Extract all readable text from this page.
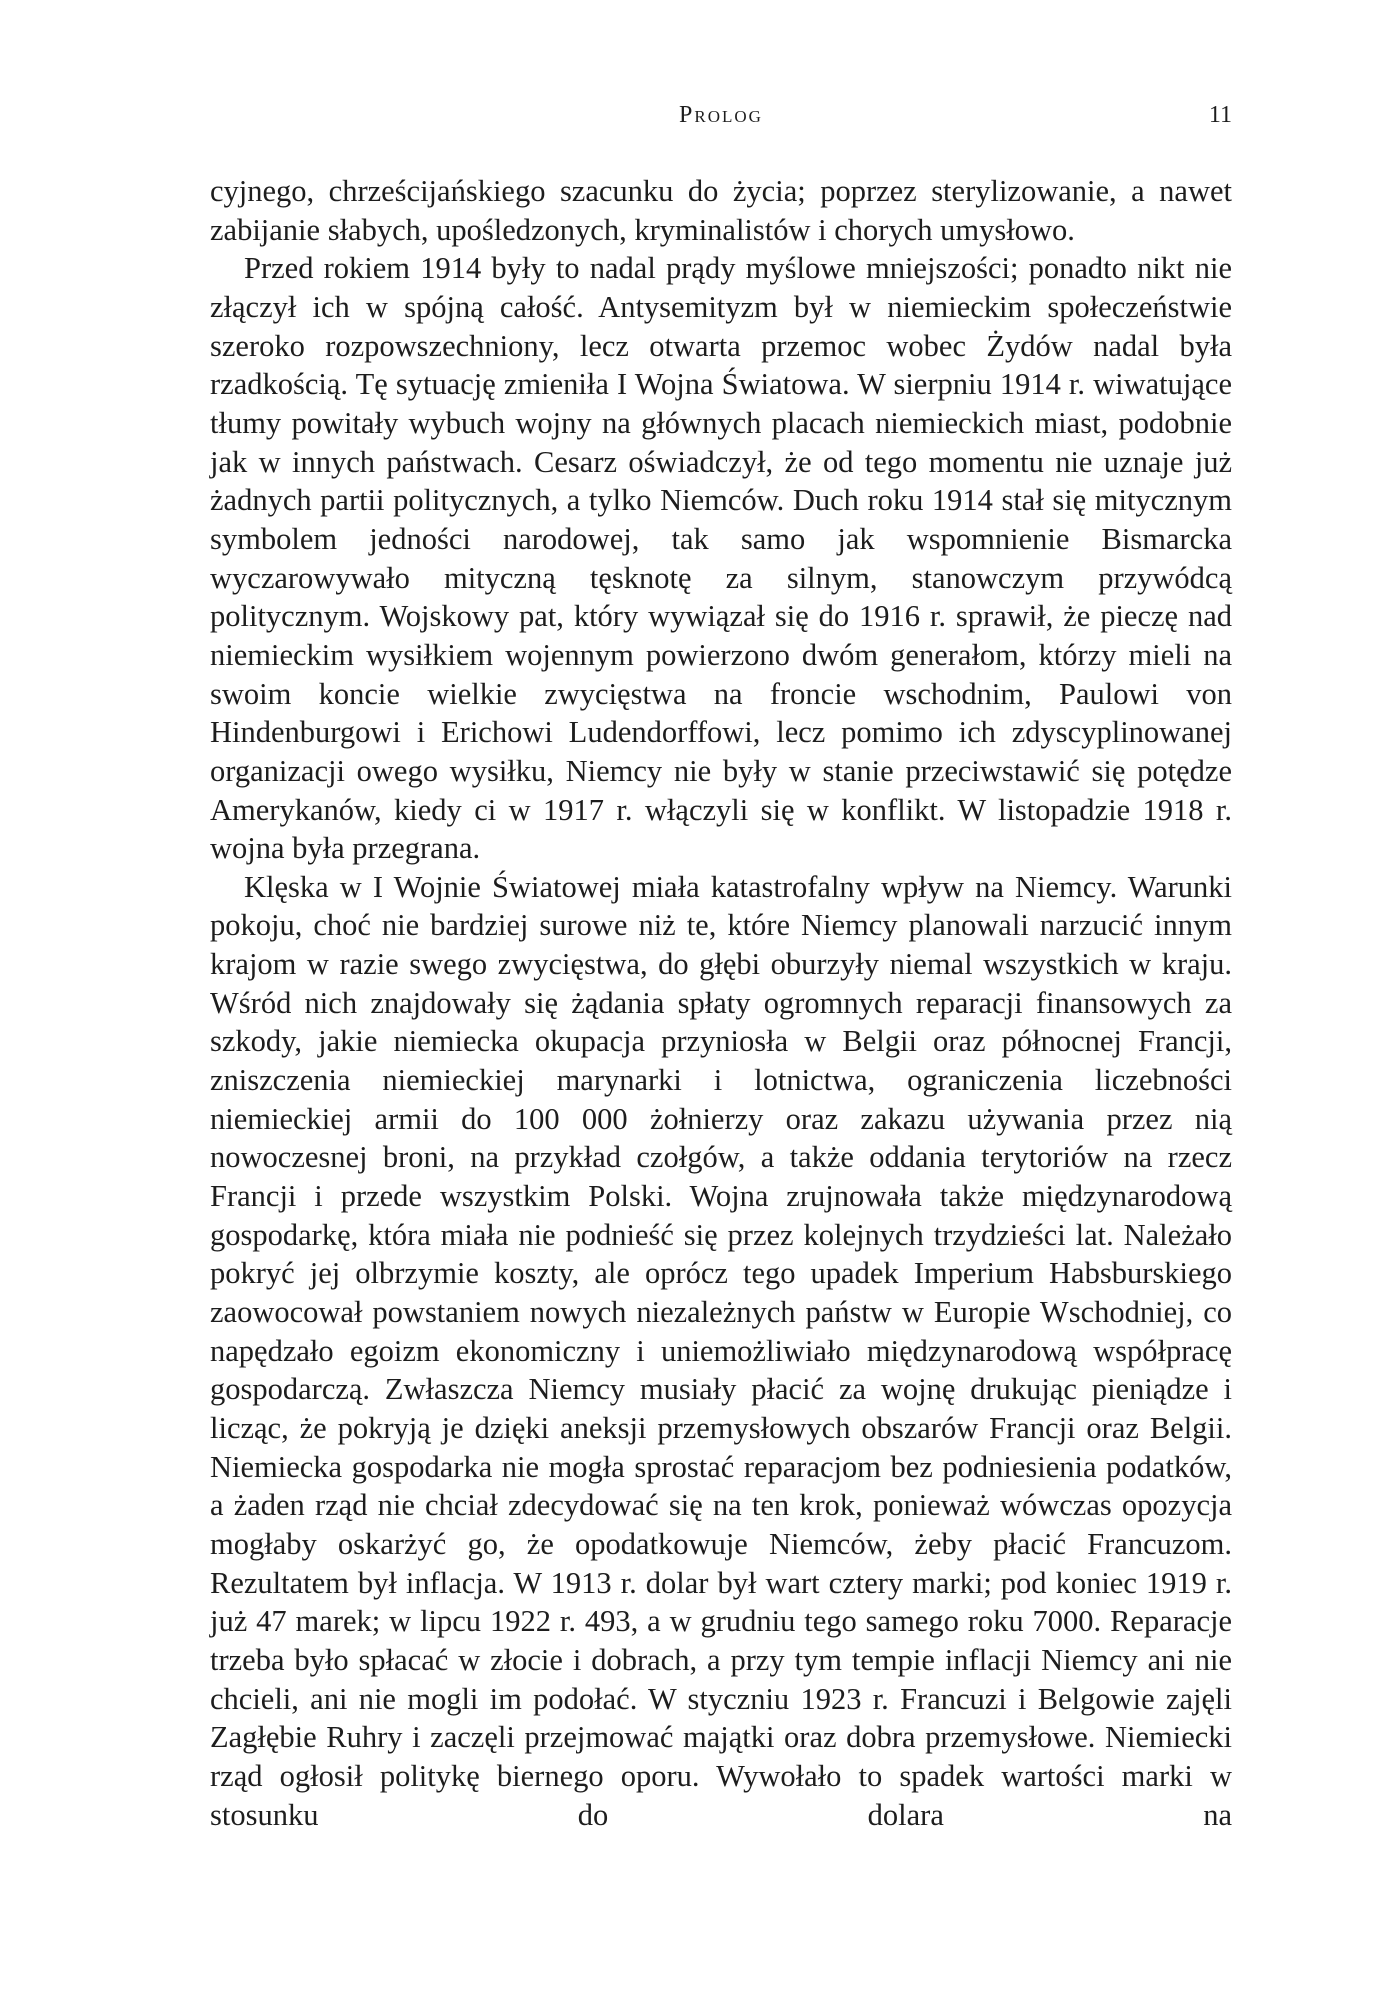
Prolog	11

cyjnego, chrześcijańskiego szacunku do życia; poprzez sterylizowanie, a nawet zabijanie słabych, upośledzonych, kryminalistów i chorych umysłowo.

Przed rokiem 1914 były to nadal prądy myślowe mniejszości; ponadto nikt nie złączył ich w spójną całość. Antysemityzm był w niemieckim społeczeństwie szeroko rozpowszechniony, lecz otwarta przemoc wobec Żydów nadal była rzadkością. Tę sytuację zmieniła I Wojna Światowa. W sierpniu 1914 r. wiwatujące tłumy powitały wybuch wojny na głównych placach niemieckich miast, podobnie jak w innych państwach. Cesarz oświadczył, że od tego momentu nie uznaje już żadnych partii politycznych, a tylko Niemców. Duch roku 1914 stał się mitycznym symbolem jedności narodowej, tak samo jak wspomnienie Bismarcka wyczarowywało mityczną tęsknotę za silnym, stanowczym przywódcą politycznym. Wojskowy pat, który wywiązał się do 1916 r. sprawił, że pieczę nad niemieckim wysiłkiem wojennym powierzono dwóm generałom, którzy mieli na swoim koncie wielkie zwycięstwa na froncie wschodnim, Paulowi von Hindenburgowi i Erichowi Ludendorffowi, lecz pomimo ich zdyscyplinowanej organizacji owego wysiłku, Niemcy nie były w stanie przeciwstawić się potędze Amerykanów, kiedy ci w 1917 r. włączyli się w konflikt. W listopadzie 1918 r. wojna była przegrana.

Klęska w I Wojnie Światowej miała katastrofalny wpływ na Niemcy. Warunki pokoju, choć nie bardziej surowe niż te, które Niemcy planowali narzucić innym krajom w razie swego zwycięstwa, do głębi oburzyły niemal wszystkich w kraju. Wśród nich znajdowały się żądania spłaty ogromnych reparacji finansowych za szkody, jakie niemiecka okupacja przyniosła w Belgii oraz północnej Francji, zniszczenia niemieckiej marynarki i lotnictwa, ograniczenia liczebności niemieckiej armii do 100 000 żołnierzy oraz zakazu używania przez nią nowoczesnej broni, na przykład czołgów, a także oddania terytoriów na rzecz Francji i przede wszystkim Polski. Wojna zrujnowała także międzynarodową gospodarkę, która miała nie podnieść się przez kolejnych trzydzieści lat. Należało pokryć jej olbrzymie koszty, ale oprócz tego upadek Imperium Habsburskiego zaowocował powstaniem nowych niezależnych państw w Europie Wschodniej, co napędzało egoizm ekonomiczny i uniemożliwiało międzynarodową współpracę gospodarczą. Zwłaszcza Niemcy musiały płacić za wojnę drukując pieniądze i licząc, że pokryją je dzięki aneksji przemysłowych obszarów Francji oraz Belgii. Niemiecka gospodarka nie mogła sprostać reparacjom bez podniesienia podatków, a żaden rząd nie chciał zdecydować się na ten krok, ponieważ wówczas opozycja mogłaby oskarżyć go, że opodatkowuje Niemców, żeby płacić Francuzom. Rezultatem był inflacja. W 1913 r. dolar był wart cztery marki; pod koniec 1919 r. już 47 marek; w lipcu 1922 r. 493, a w grudniu tego samego roku 7000. Reparacje trzeba było spłacać w złocie i dobrach, a przy tym tempie inflacji Niemcy ani nie chcieli, ani nie mogli im podołać. W styczniu 1923 r. Francuzi i Belgowie zajęli Zagłębie Ruhry i zaczęli przejmować majątki oraz dobra przemysłowe. Niemiecki rząd ogłosił politykę biernego oporu. Wywołało to spadek wartości marki w stosunku do dolara na
